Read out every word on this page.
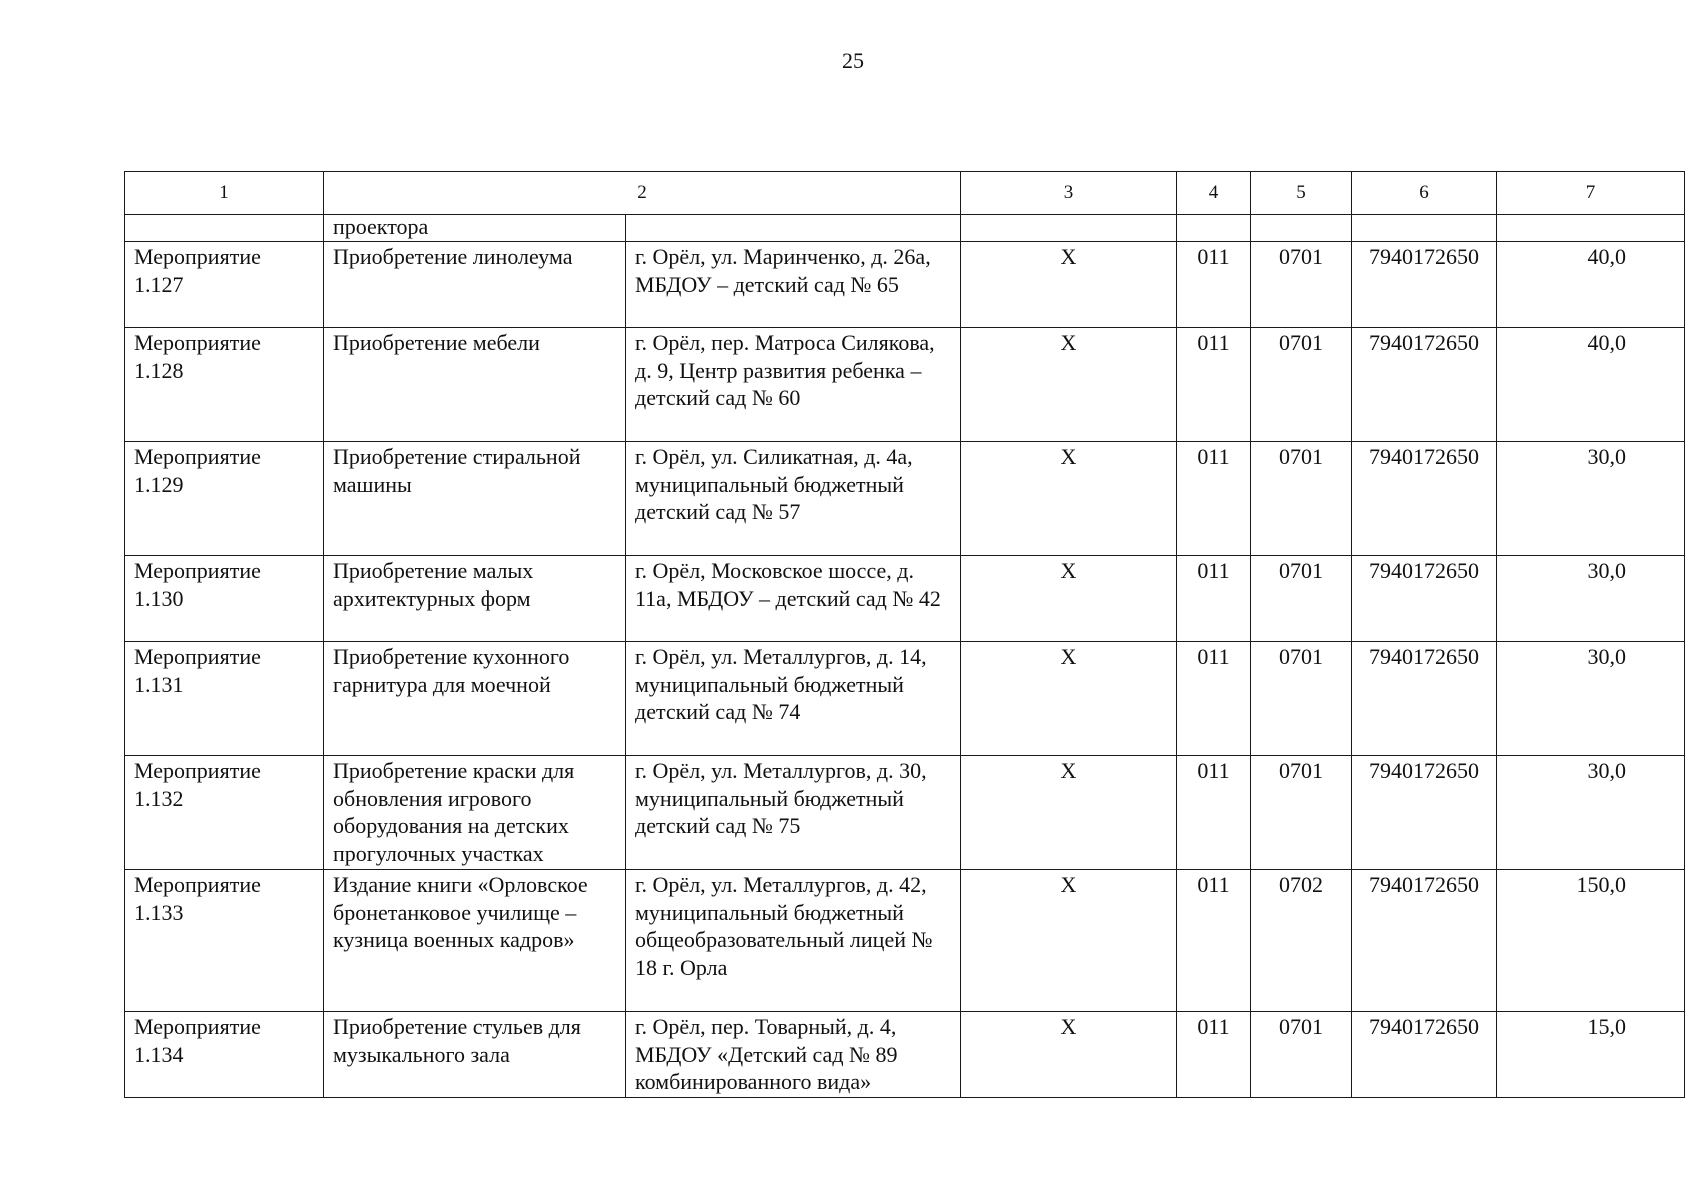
25
1	2		3	4	5	6	7
	проектора						
Мероприятие 1.127	Приобретение линолеума	г. Орёл, ул. Маринченко, д. 26а, МБДОУ – детский сад № 65	Х	011	0701	7940172650	40,0
Мероприятие 1.128	Приобретение мебели	г. Орёл, пер. Матроса Силякова, д. 9, Центр развития ребенка – детский сад № 60	Х	011	0701	7940172650	40,0
Мероприятие 1.129	Приобретение стиральной машины	г. Орёл, ул. Силикатная, д. 4а, муниципальный бюджетный детский сад № 57	Х	011	0701	7940172650	30,0
Мероприятие 1.130	Приобретение малых архитектурных форм	г. Орёл, Московское шоссе, д. 11а, МБДОУ – детский сад № 42	Х	011	0701	7940172650	30,0
Мероприятие 1.131	Приобретение кухонного гарнитура для моечной	г. Орёл, ул. Металлургов, д. 14, муниципальный бюджетный детский сад № 74	Х	011	0701	7940172650	30,0
Мероприятие 1.132	Приобретение краски для обновления игрового оборудования на детских прогулочных участках	г. Орёл, ул. Металлургов, д. 30, муниципальный бюджетный детский сад № 75	Х	011	0701	7940172650	30,0
Мероприятие 1.133	Издание книги «Орловское бронетанковое училище – кузница военных кадров»	г. Орёл, ул. Металлургов, д. 42, муниципальный бюджетный общеобразовательный лицей № 18 г. Орла	Х	011	0702	7940172650	150,0
Мероприятие 1.134	Приобретение стульев для музыкального зала	г. Орёл, пер. Товарный, д. 4, МБДОУ «Детский сад № 89 комбинированного вида»	Х	011	0701	7940172650	15,0
